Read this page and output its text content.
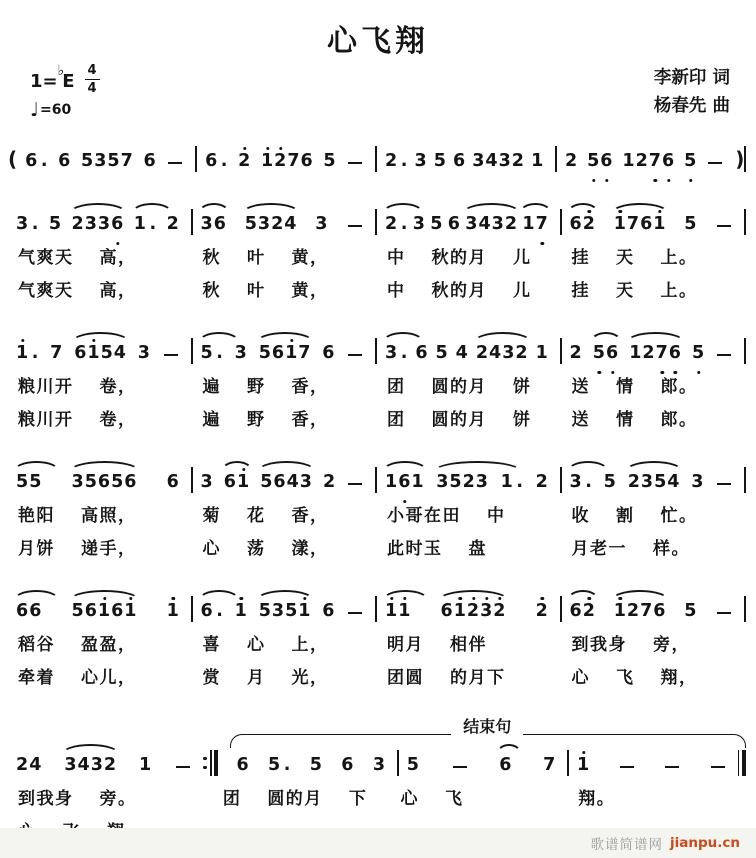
心飞翔
$1=^♭E \frac{4}{4}$
♩ =60
李新印 词
杨春先 曲
( 6 . 6 5357 6	6 . 2 1276 5	2 . 3 5 6 3432 1 2 56 1276 5 )
3 . 5 2336 1 . 2 36 5324 3	2 . 3 5 6 3432 17 62 1761 5
气爽天 高，	秋 叶 黄，	中 秋的月 儿 挂 天 上。
气爽天 高，	秋 叶 黄，	中 秋的月 儿 挂 天 上。
1 . 7 6154 3	5 . 3 5617 6	3 . 6 5 4 2432 1 2 56 1276 5
粮川开 卷，	遍 野 香，	团 圆的月 饼 送 情 郎。
粮川开 卷，	遍 野 香，	团 圆的月 饼 送 情 郎。
55 35656 6 3 61 5643 2	161 3523 1 . 2 3 . 5 2354 3
艳阳 高照，	菊 花 香，	小哥在田 中	收 割 忙。
月饼 递手，	心 荡 漾，	此时玉 盘	月老一 样。
66 56161 1 6 . 1 5351 6	11 61232 2 62 1276 5
稻谷 盈盈，	喜 心 上，	明月 相伴	到我身 旁，
牵着 心儿，	赏 月 光，	团圆 的月下	心 飞 翔，
24 3432 1
结束句
6 5 . 5 6 3 5	6 7 1
到我身 旁。	团 圆的月 下 心 飞	翔。
歌谱简谱网 jianpu.cn
